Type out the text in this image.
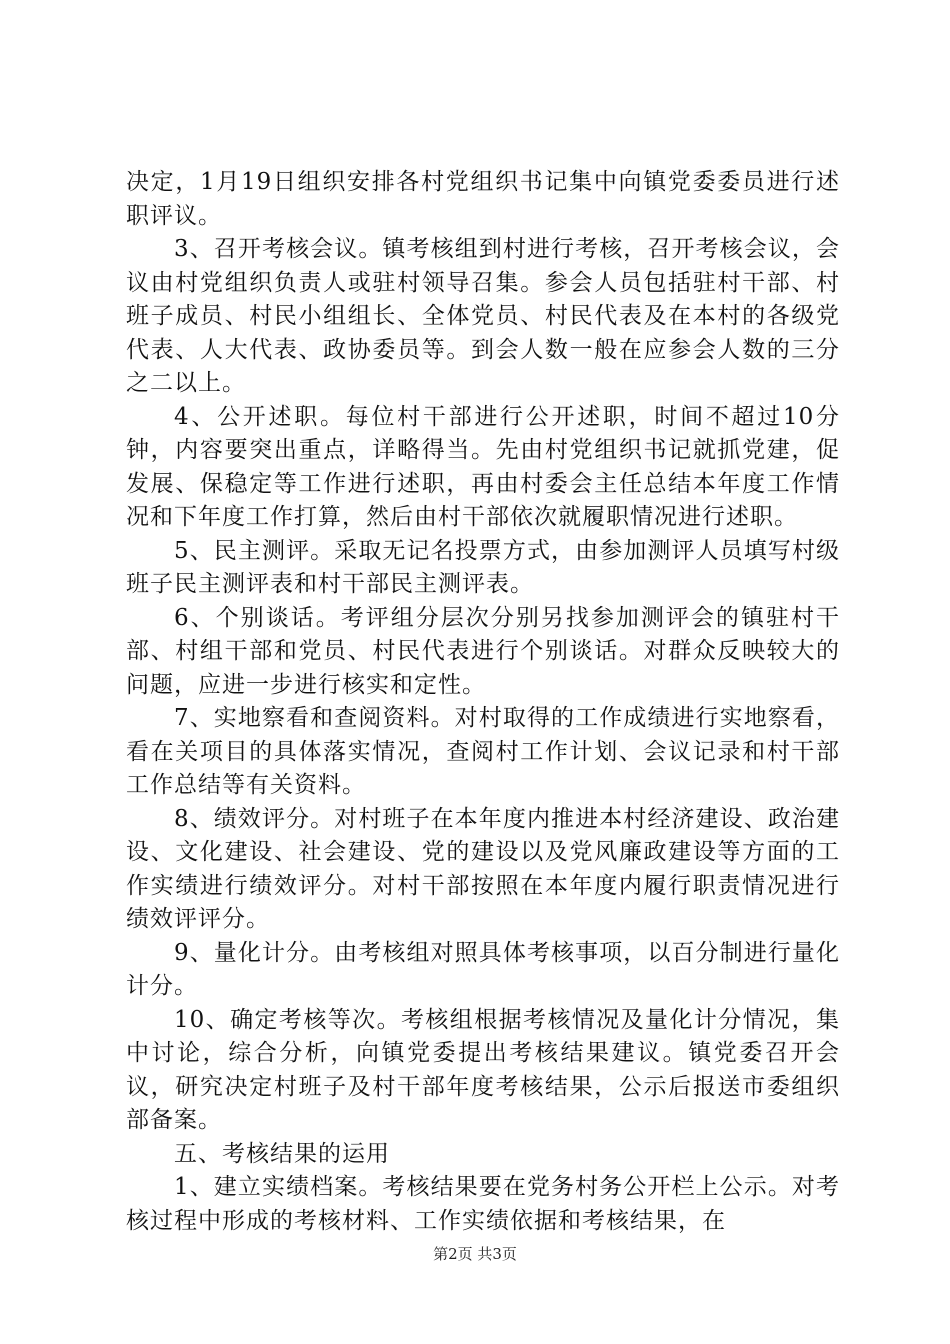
决定，1月19日组织安排各村党组织书记集中向镇党委委员进行述职评议。

3、召开考核会议。镇考核组到村进行考核，召开考核会议，会议由村党组织负责人或驻村领导召集。参会人员包括驻村干部、村班子成员、村民小组组长、全体党员、村民代表及在本村的各级党代表、人大代表、政协委员等。到会人数一般在应参会人数的三分之二以上。

4、公开述职。每位村干部进行公开述职，时间不超过10分钟，内容要突出重点，详略得当。先由村党组织书记就抓党建，促发展、保稳定等工作进行述职，再由村委会主任总结本年度工作情况和下年度工作打算，然后由村干部依次就履职情况进行述职。

5、民主测评。采取无记名投票方式，由参加测评人员填写村级班子民主测评表和村干部民主测评表。

6、个别谈话。考评组分层次分别另找参加测评会的镇驻村干部、村组干部和党员、村民代表进行个别谈话。对群众反映较大的问题，应进一步进行核实和定性。

7、实地察看和查阅资料。对村取得的工作成绩进行实地察看，看在关项目的具体落实情况，查阅村工作计划、会议记录和村干部工作总结等有关资料。

8、绩效评分。对村班子在本年度内推进本村经济建设、政治建设、文化建设、社会建设、党的建设以及党风廉政建设等方面的工作实绩进行绩效评分。对村干部按照在本年度内履行职责情况进行绩效评评分。

9、量化计分。由考核组对照具体考核事项，以百分制进行量化计分。

10、确定考核等次。考核组根据考核情况及量化计分情况，集中讨论，综合分析，向镇党委提出考核结果建议。镇党委召开会议，研究决定村班子及村干部年度考核结果，公示后报送市委组织部备案。

五、考核结果的运用

1、建立实绩档案。考核结果要在党务村务公开栏上公示。对考核过程中形成的考核材料、工作实绩依据和考核结果，在

第2页 共3页
